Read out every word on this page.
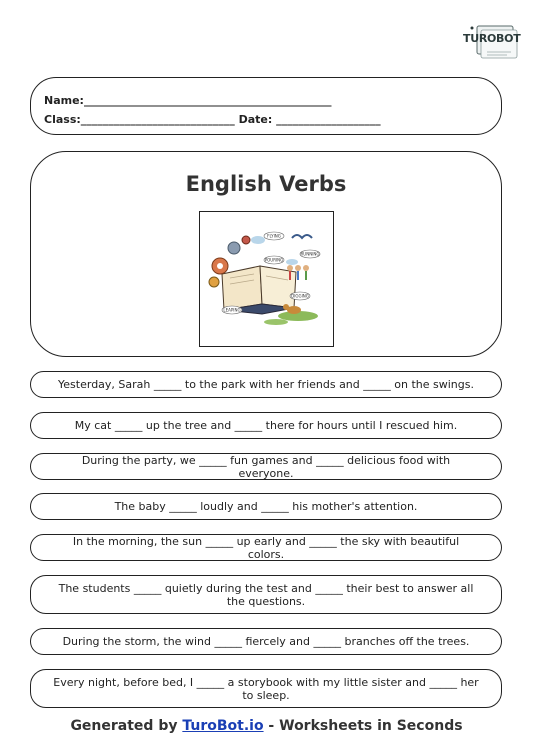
TUROBOT
Name:_____________________________________________
Class:____________________________ Date: ___________________
English Verbs
FLYING
POURING
RUNNING
DIGGING
LEAPING
Yesterday, Sarah _____ to the park with her friends and _____ on the swings.
My cat _____ up the tree and _____ there for hours until I rescued him.
During the party, we _____ fun games and _____ delicious food with everyone.
The baby _____ loudly and _____ his mother's attention.
In the morning, the sun _____ up early and _____ the sky with beautiful colors.
The students _____ quietly during the test and _____ their best to answer all the questions.
During the storm, the wind _____ fiercely and _____ branches off the trees.
Every night, before bed, I _____ a storybook with my little sister and _____ her to sleep.
Generated by TuroBot.io - Worksheets in Seconds
